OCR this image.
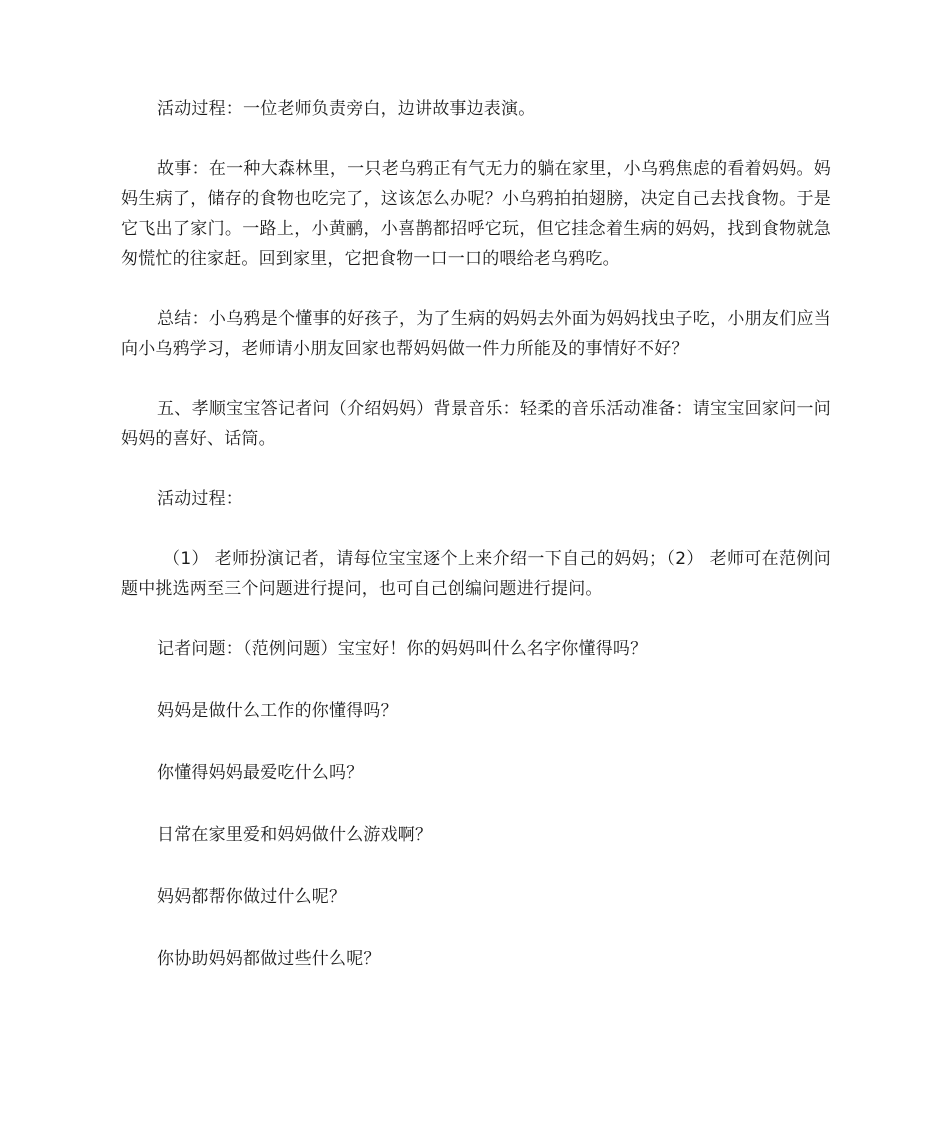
活动过程：一位老师负责旁白，边讲故事边表演。

故事：在一种大森林里，一只老乌鸦正有气无力的躺在家里，小乌鸦焦虑的看着妈妈。妈妈生病了，储存的食物也吃完了，这该怎么办呢？小乌鸦拍拍翅膀，决定自己去找食物。于是它飞出了家门。一路上，小黄鹂，小喜鹊都招呼它玩，但它挂念着生病的妈妈，找到食物就急匆慌忙的往家赶。回到家里，它把食物一口一口的喂给老乌鸦吃。

总结：小乌鸦是个懂事的好孩子，为了生病的妈妈去外面为妈妈找虫子吃，小朋友们应当向小乌鸦学习，老师请小朋友回家也帮妈妈做一件力所能及的事情好不好？

五、孝顺宝宝答记者问（介绍妈妈）背景音乐：轻柔的音乐活动准备：请宝宝回家问一问妈妈的喜好、话筒。

活动过程：

（1） 老师扮演记者，请每位宝宝逐个上来介绍一下自己的妈妈；（2） 老师可在范例问题中挑选两至三个问题进行提问，也可自己创编问题进行提问。

记者问题：（范例问题）宝宝好！你的妈妈叫什么名字你懂得吗？

妈妈是做什么工作的你懂得吗？

你懂得妈妈最爱吃什么吗？

日常在家里爱和妈妈做什么游戏啊？

妈妈都帮你做过什么呢？

你协助妈妈都做过些什么呢？
